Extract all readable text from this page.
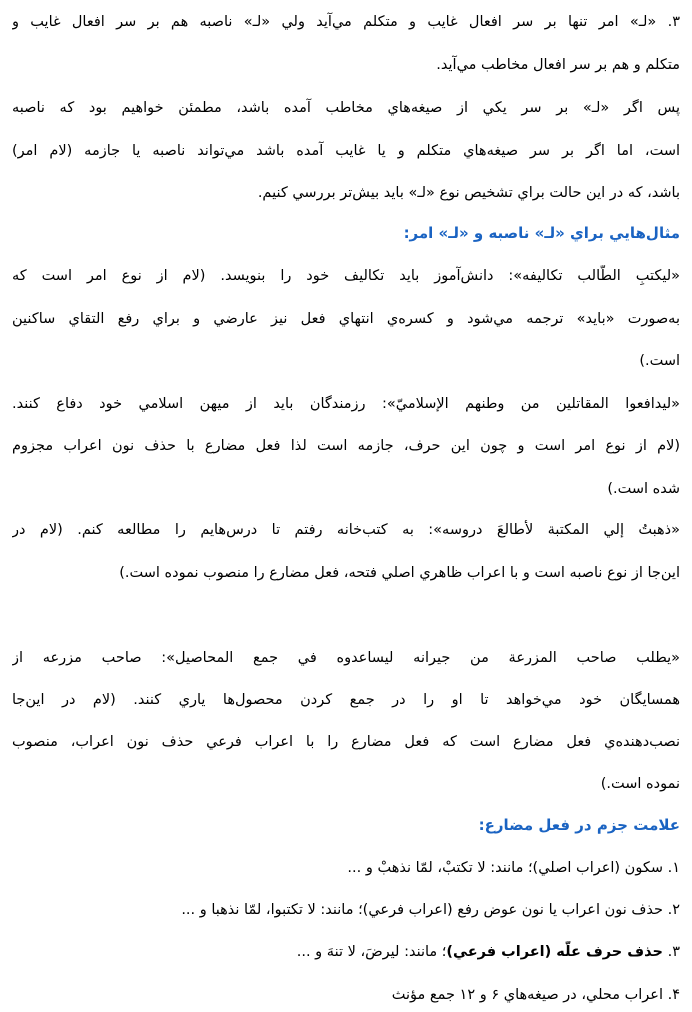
۳. «لـ» امر تنها بر سر افعال غايب و متكلم مي‌آيد ولي «لـ» ناصبه هم بر سر افعال غايب و
متكلم و هم بر سر افعال مخاطب مي‌آيد.
پس اگر «لـ» بر سر يكي از صيغه‌هاي مخاطب آمده باشد، مطمئن خواهيم بود كه ناصبه
است، اما اگر بر سر صيغه‌هاي متكلم و يا غايب آمده باشد مي‌تواند ناصبه يا جازمه (لام امر)
باشد، كه در اين حالت براي تشخيص نوع «لـ» بايد بيش‌تر بررسي كنيم.
مثال‌هايي براي «لـ» ناصبه و «لـ» امر:
«ليكتبِ الطّالب تكاليفه»: دانش‌آموز بايد تكاليف خود را بنويسد. (لام از نوع امر است كه
به‌صورت «بايد» ترجمه مي‌شود و كسره‌ي انتهاي فعل نيز عارضي و براي رفع التقاي ساكنين
است.)
«ليدافعوا المقاتلين من وطنهم الإسلاميّ»: رزمندگان بايد از ميهن اسلامي خود دفاع كنند.
(لام از نوع امر است و چون اين حرف، جازمه است لذا فعل مضارع با حذف نون اعراب مجزوم
شده است.)
«ذهبتُ إلي المكتبة لأطالعَ دروسه»: به كتب‌خانه رفتم تا درس‌هايم را مطالعه كنم. (لام در
اين‌جا از نوع ناصبه است و با اعراب ظاهري اصلي فتحه، فعل مضارع را منصوب نموده است.)
«يطلب صاحب المزرعة من جيرانه ليساعدوه في جمع المحاصيل»: صاحب مزرعه از
همسايگان خود مي‌خواهد تا او را در جمع كردن محصول‌ها ياري كنند. (لام در اين‌جا
نصب‌دهنده‌ي فعل مضارع است كه فعل مضارع را با اعراب فرعي حذف نون اعراب، منصوب
نموده است.)
علامت جزم در فعل مضارع:
۱. سكون (اعراب اصلي)؛ مانند: لا تكتبْ، لمّا نذهبْ و ...
۲. حذف نون اعراب يا نون عوض رفع (اعراب فرعي)؛ مانند: لا تكتبوا، لمّا نذهبا و ...
۳. حذف حرف علّه (اعراب فرعي)؛ مانند: ليرضَ، لا تنهَ و ...
۴. اعراب محلي، در صيغه‌هاي ۶ و ۱۲ جمع مؤنث
